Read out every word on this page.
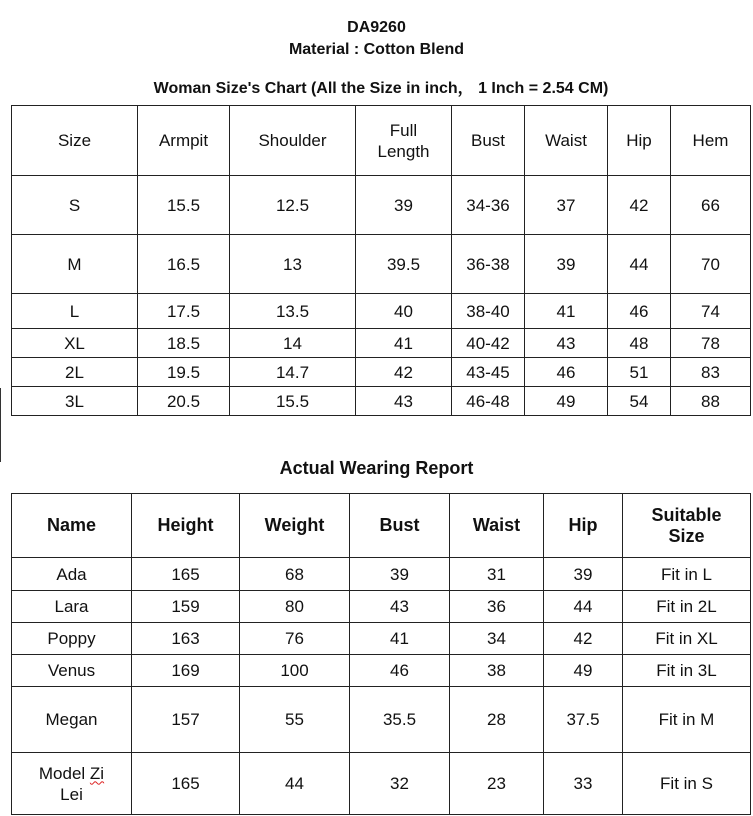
DA9260
Material : Cotton Blend
Woman Size's Chart (All the Size in inch， 1 Inch = 2.54 CM)
Size	Armpit	Shoulder	Full Length	Bust	Waist	Hip	Hem
S	15.5	12.5	39	34-36	37	42	66
M	16.5	13	39.5	36-38	39	44	70
L	17.5	13.5	40	38-40	41	46	74
XL	18.5	14	41	40-42	43	48	78
2L	19.5	14.7	42	43-45	46	51	83
3L	20.5	15.5	43	46-48	49	54	88
Actual Wearing Report
Name	Height	Weight	Bust	Waist	Hip	Suitable Size
Ada	165	68	39	31	39	Fit in L
Lara	159	80	43	36	44	Fit in 2L
Poppy	163	76	41	34	42	Fit in XL
Venus	169	100	46	38	49	Fit in 3L
Megan	157	55	35.5	28	37.5	Fit in M
Model Zi Lei	165	44	32	23	33	Fit in S
